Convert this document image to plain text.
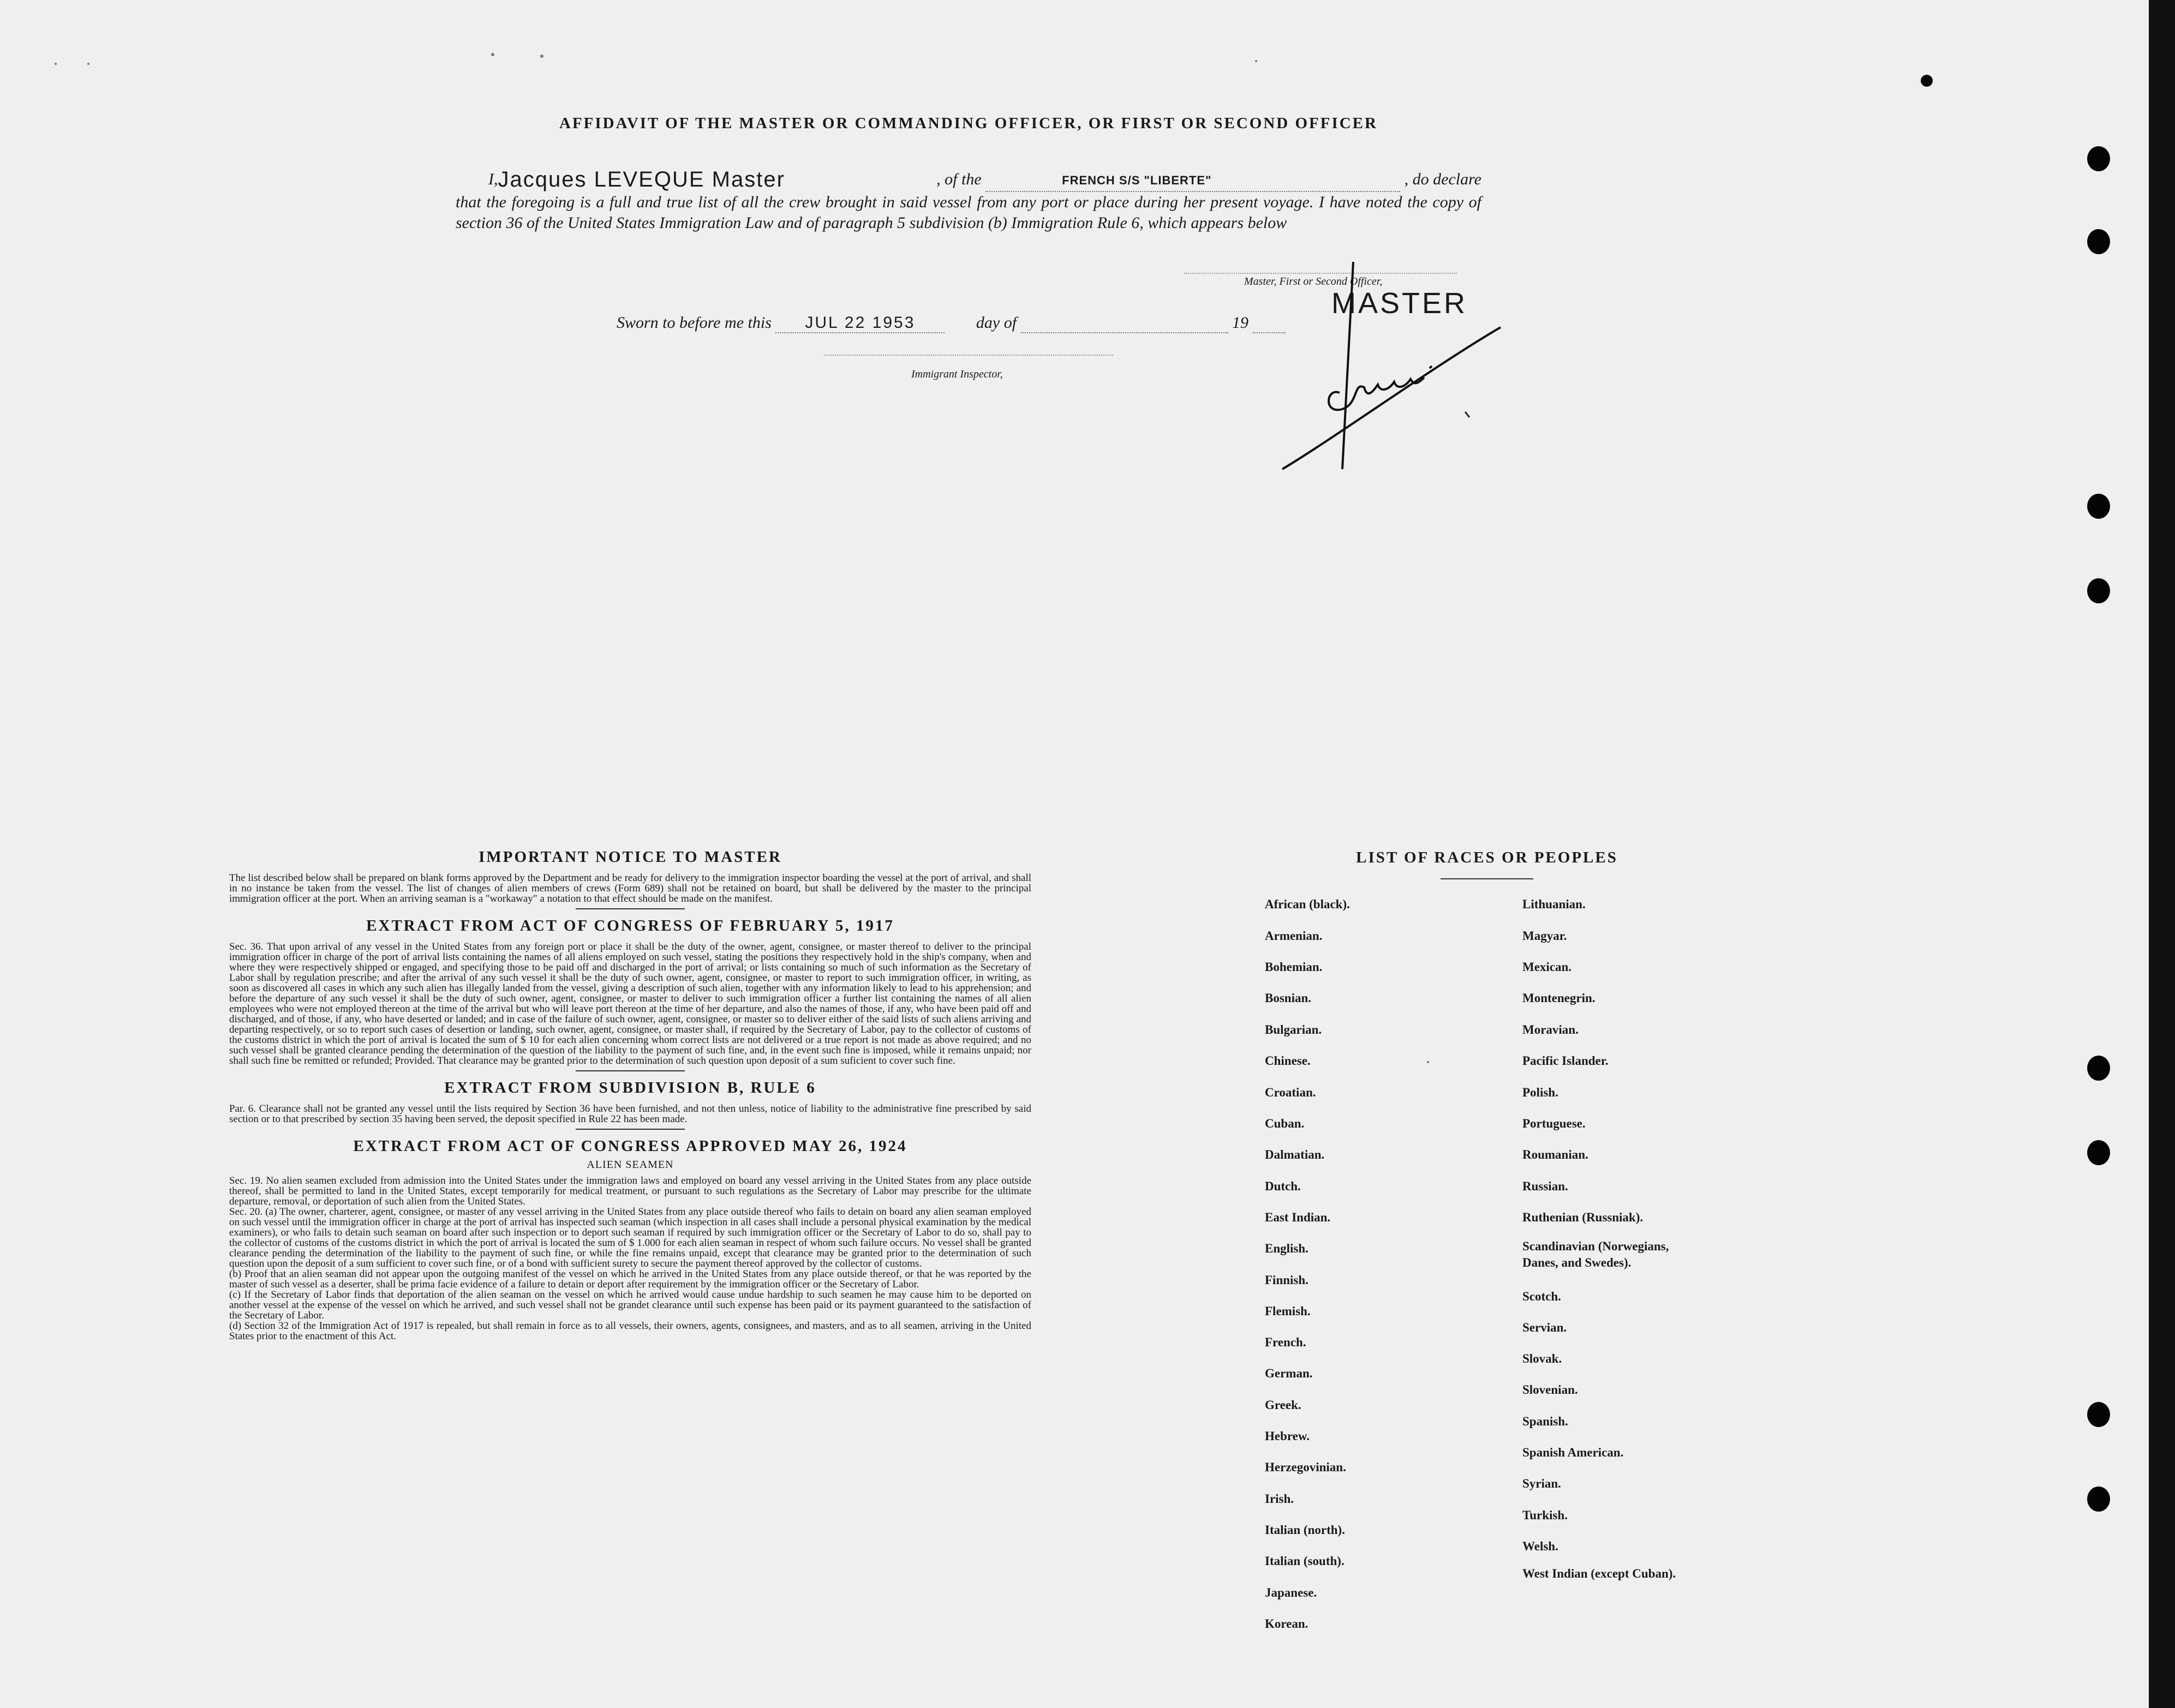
AFFIDAVIT OF THE MASTER OR COMMANDING OFFICER, OR FIRST OR SECOND OFFICER
I, Jacques LEVEQUE Master	, of the	FRENCH S/S "LIBERTE"	, do declare
that the foregoing is a full and true list of all the crew brought in said vessel from any port or place during her present voyage. I have noted the copy of section 36 of the United States Immigration Law and of paragraph 5 subdivision (b) Immigration Rule 6, which appears below
Master, First or Second Officer,
MASTER
Sworn to before me this JUL 22 1953	day of	19
Immigrant Inspector,
IMPORTANT NOTICE TO MASTER

The list described below shall be prepared on blank forms approved by the Department and be ready for delivery to the immigration inspector boarding the vessel at the port of arrival, and shall in no instance be taken from the vessel. The list of changes of alien members of crews (Form 689) shall not be retained on board, but shall be delivered by the master to the principal immigration officer at the port. When an arriving seaman is a "workaway" a notation to that effect should be made on the manifest.

EXTRACT FROM ACT OF CONGRESS OF FEBRUARY 5, 1917

Sec. 36. That upon arrival of any vessel in the United States from any foreign port or place it shall be the duty of the owner, agent, consignee, or master thereof to deliver to the principal immigration officer in charge of the port of arrival lists containing the names of all aliens employed on such vessel, stating the positions they respectively hold in the ship's company, when and where they were respectively shipped or engaged, and specifying those to be paid off and discharged in the port of arrival; or lists containing so much of such information as the Secretary of Labor shall by regulation prescribe; and after the arrival of any such vessel it shall be the duty of such owner, agent, consignee, or master to report to such immigration officer, in writing, as soon as discovered all cases in which any such alien has illegally landed from the vessel, giving a description of such alien, together with any information likely to lead to his apprehension; and before the departure of any such vessel it shall be the duty of such owner, agent, consignee, or master to deliver to such immigration officer a further list containing the names of all alien employees who were not employed thereon at the time of the arrival but who will leave port thereon at the time of her departure, and also the names of those, if any, who have been paid off and discharged, and of those, if any, who have deserted or landed; and in case of the failure of such owner, agent, consignee, or master so to deliver either of the said lists of such aliens arriving and departing respectively, or so to report such cases of desertion or landing, such owner, agent, consignee, or master shall, if required by the Secretary of Labor, pay to the collector of customs of the customs district in which the port of arrival is located the sum of $ 10 for each alien concerning whom correct lists are not delivered or a true report is not made as above required; and no such vessel shall be granted clearance pending the determination of the question of the liability to the payment of such fine, and, in the event such fine is imposed, while it remains unpaid; nor shall such fine be remitted or refunded; Provided. That clearance may be granted prior to the determination of such question upon deposit of a sum suficient to cover such fine.

EXTRACT FROM SUBDIVISION B, RULE 6

Par. 6. Clearance shall not be granted any vessel until the lists required by Section 36 have been furnished, and not then unless, notice of liability to the administrative fine prescribed by said section or to that prescribed by section 35 having been served, the deposit specified in Rule 22 has been made.

EXTRACT FROM ACT OF CONGRESS APPROVED MAY 26, 1924
ALIEN SEAMEN

Sec. 19. No alien seamen excluded from admission into the United States under the immigration laws and employed on board any vessel arriving in the United States from any place outside thereof, shall be permitted to land in the United States, except temporarily for medical treatment, or pursuant to such regulations as the Secretary of Labor may prescribe for the ultimate departure, removal, or deportation of such alien from the United States.

Sec. 20. (a) The owner, charterer, agent, consignee, or master of any vessel arriving in the United States from any place outside thereof who fails to detain on board any alien seaman employed on such vessel until the immigration officer in charge at the port of arrival has inspected such seaman (which inspection in all cases shall include a personal physical examination by the medical examiners), or who fails to detain such seaman on board after such inspection or to deport such seaman if required by such immigration officer or the Secretary of Labor to do so, shall pay to the collector of customs of the customs district in which the port of arrival is located the sum of $ 1.000 for each alien seaman in respect of whom such failure occurs. No vessel shall be granted clearance pending the determination of the liability to the payment of such fine, or while the fine remains unpaid, except that clearance may be granted prior to the determination of such question upon the deposit of a sum sufficient to cover such fine, or of a bond with sufficient surety to secure the payment thereof approved by the collector of customs.

(b) Proof that an alien seaman did not appear upon the outgoing manifest of the vessel on which he arrived in the United States from any place outside thereof, or that he was reported by the master of such vessel as a deserter, shall be prima facie evidence of a failure to detain or deport after requirement by the immigration officer or the Secretary of Labor.

(c) If the Secretary of Labor finds that deportation of the alien seaman on the vessel on which he arrived would cause undue hardship to such seamen he may cause him to be deported on another vessel at the expense of the vessel on which he arrived, and such vessel shall not be grandet clearance until such expense has been paid or its payment guaranteed to the satisfaction of the Secretary of Labor.

(d) Section 32 of the Immigration Act of 1917 is repealed, but shall remain in force as to all vessels, their owners, agents, consignees, and masters, and as to all seamen, arriving in the United States prior to the enactment of this Act.

LIST OF RACES OR PEOPLES
African (black).
Armenian.
Bohemian.
Bosnian.
Bulgarian.
Chinese.
Croatian.
Cuban.
Dalmatian.
Dutch.
East Indian.
English.
Finnish.
Flemish.
French.
German.
Greek.
Hebrew.
Herzegovinian.
Irish.
Italian (north).
Italian (south).
Japanese.
Korean.
Lithuanian.
Magyar.
Mexican.
Montenegrin.
Moravian.
Pacific Islander.
Polish.
Portuguese.
Roumanian.
Russian.
Ruthenian (Russniak).
Scandinavian (Norwegians, Danes, and Swedes).
Scotch.
Servian.
Slovak.
Slovenian.
Spanish.
Spanish American.
Syrian.
Turkish.
Welsh.
West Indian (except Cuban).
